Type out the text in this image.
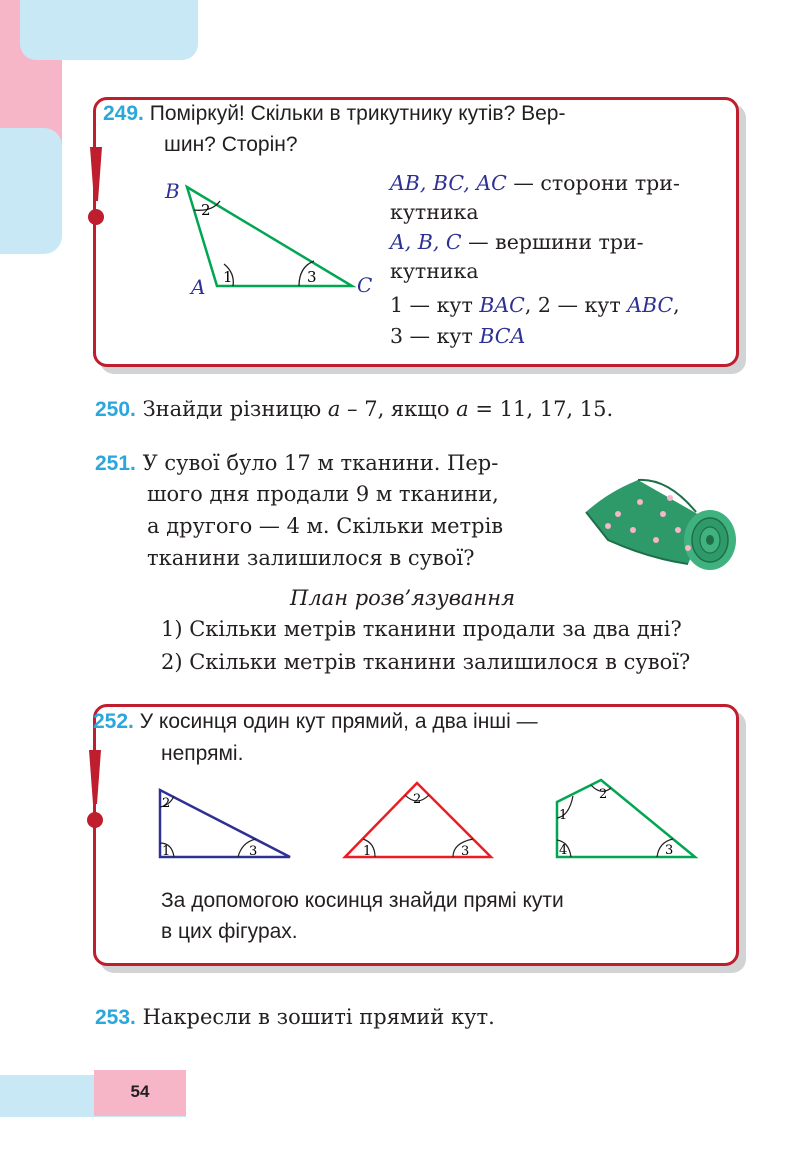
249. Поміркуй! Скільки в трикутнику кутів? Вер-
шин? Сторін?
B
A	C
2
1	3
AB, BC, AC — сторони три-
кутника
A, B, C — вершини три-
кутника
1 — кут BAC, 2 — кут ABC,
3 — кут BCA
250. Знайди різницю a – 7, якщо a = 11, 17, 15.
251. У сувої було 17 м тканини. Пер-
шого дня продали 9 м тканини,
а другого — 4 м. Скільки метрів
тканини залишилося в сувої?
План розв’язування
1) Скільки метрів тканини продали за два дні?
2) Скільки метрів тканини залишилося в сувої?
252. У косинця один кут прямий, а два інші —
непрямі.
2
1	3
2
1	3
2
1
4	3
За допомогою косинця знайди прямі кути
в цих фігурах.
253. Накресли в зошиті прямий кут.
54
